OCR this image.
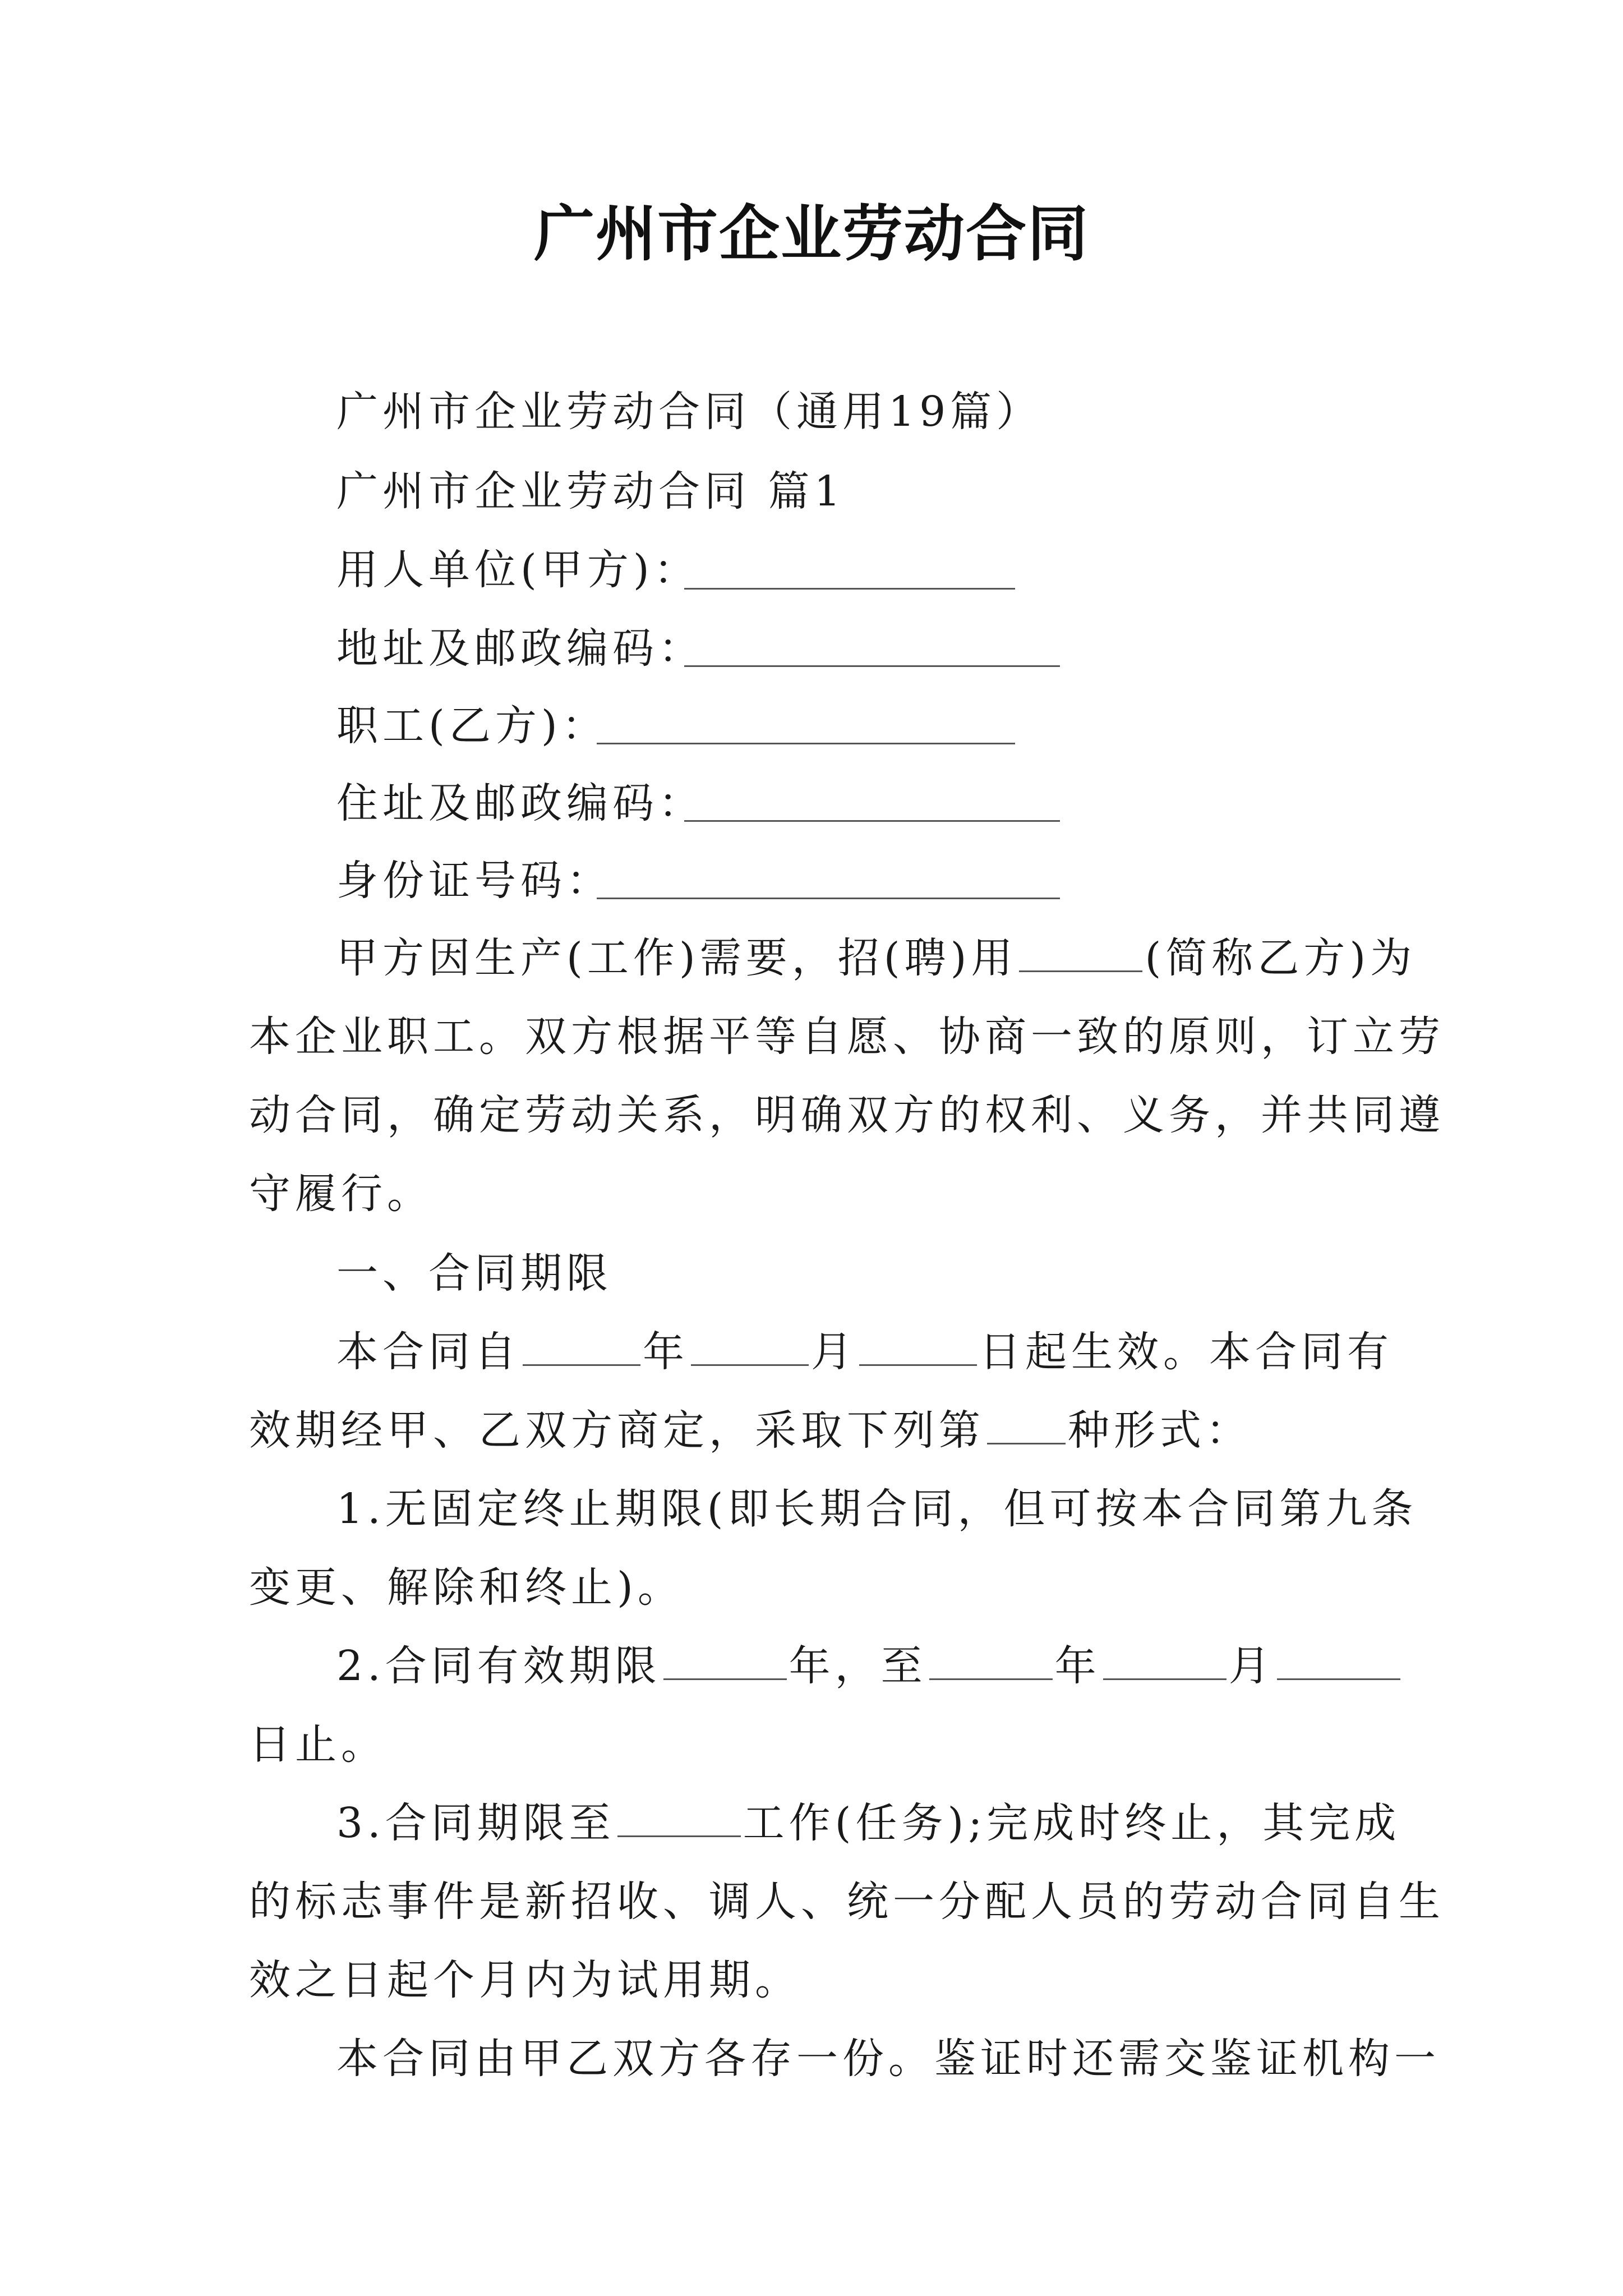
广州市企业劳动合同
广州市企业劳动合同（通用19篇）
广州市企业劳动合同 篇1
用人单位(甲方)：
地址及邮政编码：
职工(乙方)：
住址及邮政编码：
身份证号码：
甲方因生产(工作)需要，招(聘)用	(简称乙方)为
本企业职工。双方根据平等自愿、协商一致的原则，订立劳
动合同，确定劳动关系，明确双方的权利、义务，并共同遵
守履行。
一、合同期限
本合同自	年	月	日起生效。本合同有
效期经甲、乙双方商定，采取下列第 种形式：
1.无固定终止期限(即长期合同，但可按本合同第九条
变更、解除和终止)。
2.合同有效期限	年，至	年	月
日止。
3.合同期限至	工作(任务);完成时终止，其完成
的标志事件是新招收、调人、统一分配人员的劳动合同自生
效之日起个月内为试用期。
本合同由甲乙双方各存一份。鉴证时还需交鉴证机构一
